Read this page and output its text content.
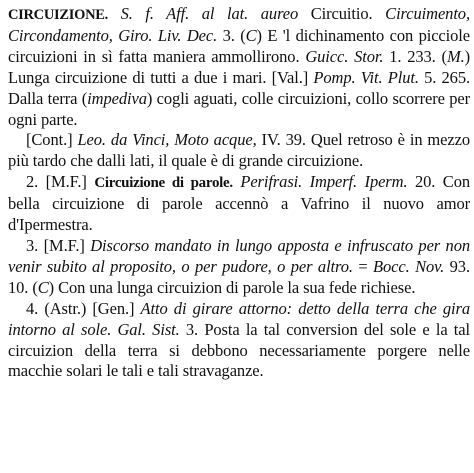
CIRCUIZIONE. S. f. Aff. al lat. aureo Circuitio. Circuimento, Circondamento, Giro. Liv. Dec. 3. (C) E 'l dichinamento con picciole circuizioni in sì fatta maniera ammollirono. Guicc. Stor. 1. 233. (M.) Lunga circuizione di tutti a due i mari. [Val.] Pomp. Vit. Plut. 5. 265. Dalla terra (impediva) cogli aguati, colle circuizioni, collo scorrere per ogni parte.

[Cont.] Leo. da Vinci, Moto acque, IV. 39. Quel retroso è in mezzo più tardo che dalli lati, il quale è di grande circuizione.

2. [M.F.] Circuizione di parole. Perifrasi. Imperf. Iperm. 20. Con bella circuizione di parole accennò a Vafrino il nuovo amor d'Ipermestra.

3. [M.F.] Discorso mandato in lungo apposta e infruscato per non venir subito al proposito, o per pudore, o per altro. = Bocc. Nov. 93. 10. (C) Con una lunga circuizion di parole la sua fede richiese.

4. (Astr.) [Gen.] Atto di girare attorno: detto della terra che gira intorno al sole. Gal. Sist. 3. Posta la tal conversion del sole e la tal circuizion della terra si debbono necessariamente porgere nelle macchie solari le tali e tali stravaganze.
